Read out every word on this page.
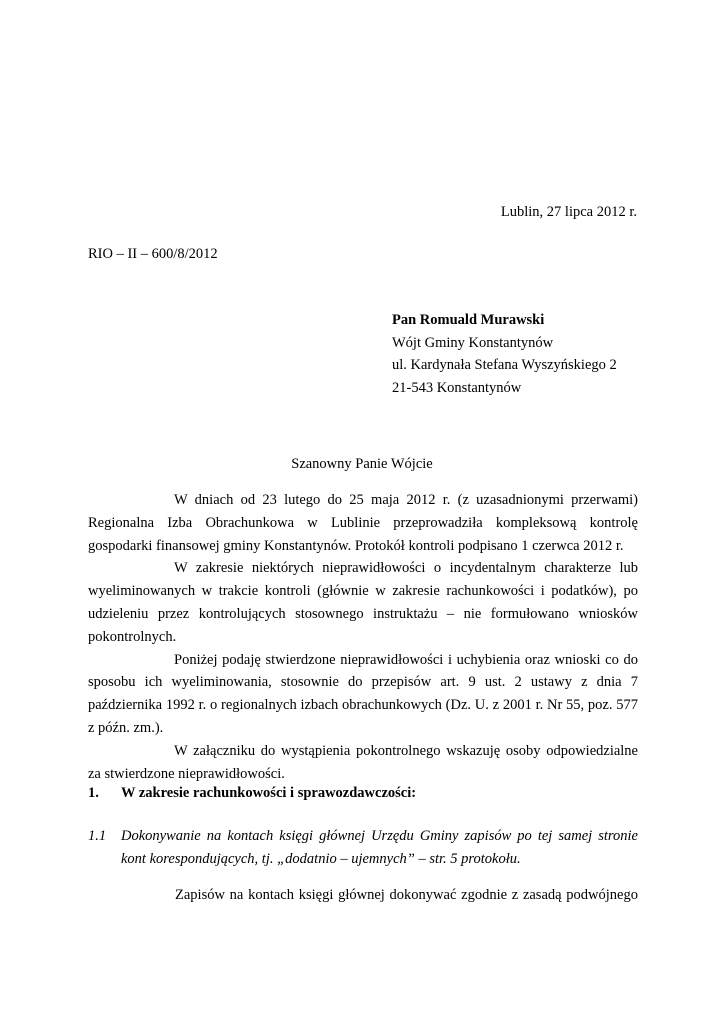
Lublin, 27 lipca 2012 r.
RIO – II – 600/8/2012
Pan Romuald Murawski
Wójt Gminy Konstantynów
ul. Kardynała Stefana Wyszyńskiego 2
21-543 Konstantynów
Szanowny Panie Wójcie

W dniach od 23 lutego do 25 maja 2012 r. (z uzasadnionymi przerwami) Regionalna Izba Obrachunkowa w Lublinie przeprowadziła kompleksową kontrolę gospodarki finansowej gminy Konstantynów. Protokół kontroli podpisano 1 czerwca 2012 r.

W zakresie niektórych nieprawidłowości o incydentalnym charakterze lub wyeliminowanych w trakcie kontroli (głównie w zakresie rachunkowości i podatków), po udzieleniu przez kontrolujących stosownego instruktażu – nie formułowano wniosków pokontrolnych.

Poniżej podaję stwierdzone nieprawidłowości i uchybienia oraz wnioski co do sposobu ich wyeliminowania, stosownie do przepisów art. 9 ust. 2 ustawy z dnia 7 października 1992 r. o regionalnych izbach obrachunkowych (Dz. U. z 2001 r. Nr 55, poz. 577 z późn. zm.).

W załączniku do wystąpienia pokontrolnego wskazuję osoby odpowiedzialne za stwierdzone nieprawidłowości.

1. W zakresie rachunkowości i sprawozdawczości:
1.1 Dokonywanie na kontach księgi głównej Urzędu Gminy zapisów po tej samej stronie kont korespondujących, tj. „dodatnio – ujemnych” – str. 5 protokołu.
Zapisów na kontach księgi głównej dokonywać zgodnie z zasadą podwójnego
